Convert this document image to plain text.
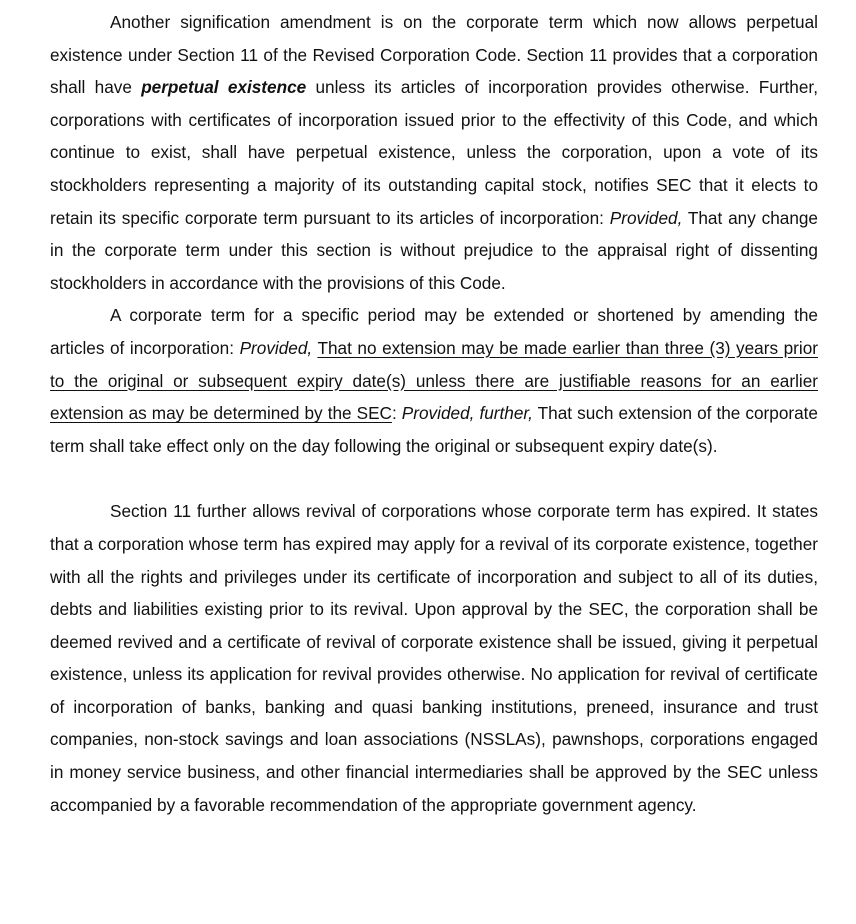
Another signification amendment is on the corporate term which now allows perpetual existence under Section 11 of the Revised Corporation Code. Section 11 provides that a corporation shall have perpetual existence unless its articles of incorporation provides otherwise. Further, corporations with certificates of incorporation issued prior to the effectivity of this Code, and which continue to exist, shall have perpetual existence, unless the corporation, upon a vote of its stockholders representing a majority of its outstanding capital stock, notifies SEC that it elects to retain its specific corporate term pursuant to its articles of incorporation: Provided, That any change in the corporate term under this section is without prejudice to the appraisal right of dissenting stockholders in accordance with the provisions of this Code.

A corporate term for a specific period may be extended or shortened by amending the articles of incorporation: Provided, That no extension may be made earlier than three (3) years prior to the original or subsequent expiry date(s) unless there are justifiable reasons for an earlier extension as may be determined by the SEC: Provided, further, That such extension of the corporate term shall take effect only on the day following the original or subsequent expiry date(s).

Section 11 further allows revival of corporations whose corporate term has expired. It states that a corporation whose term has expired may apply for a revival of its corporate existence, together with all the rights and privileges under its certificate of incorporation and subject to all of its duties, debts and liabilities existing prior to its revival. Upon approval by the SEC, the corporation shall be deemed revived and a certificate of revival of corporate existence shall be issued, giving it perpetual existence, unless its application for revival provides otherwise. No application for revival of certificate of incorporation of banks, banking and quasi banking institutions, preneed, insurance and trust companies, non-stock savings and loan associations (NSSLAs), pawnshops, corporations engaged in money service business, and other financial intermediaries shall be approved by the SEC unless accompanied by a favorable recommendation of the appropriate government agency.
